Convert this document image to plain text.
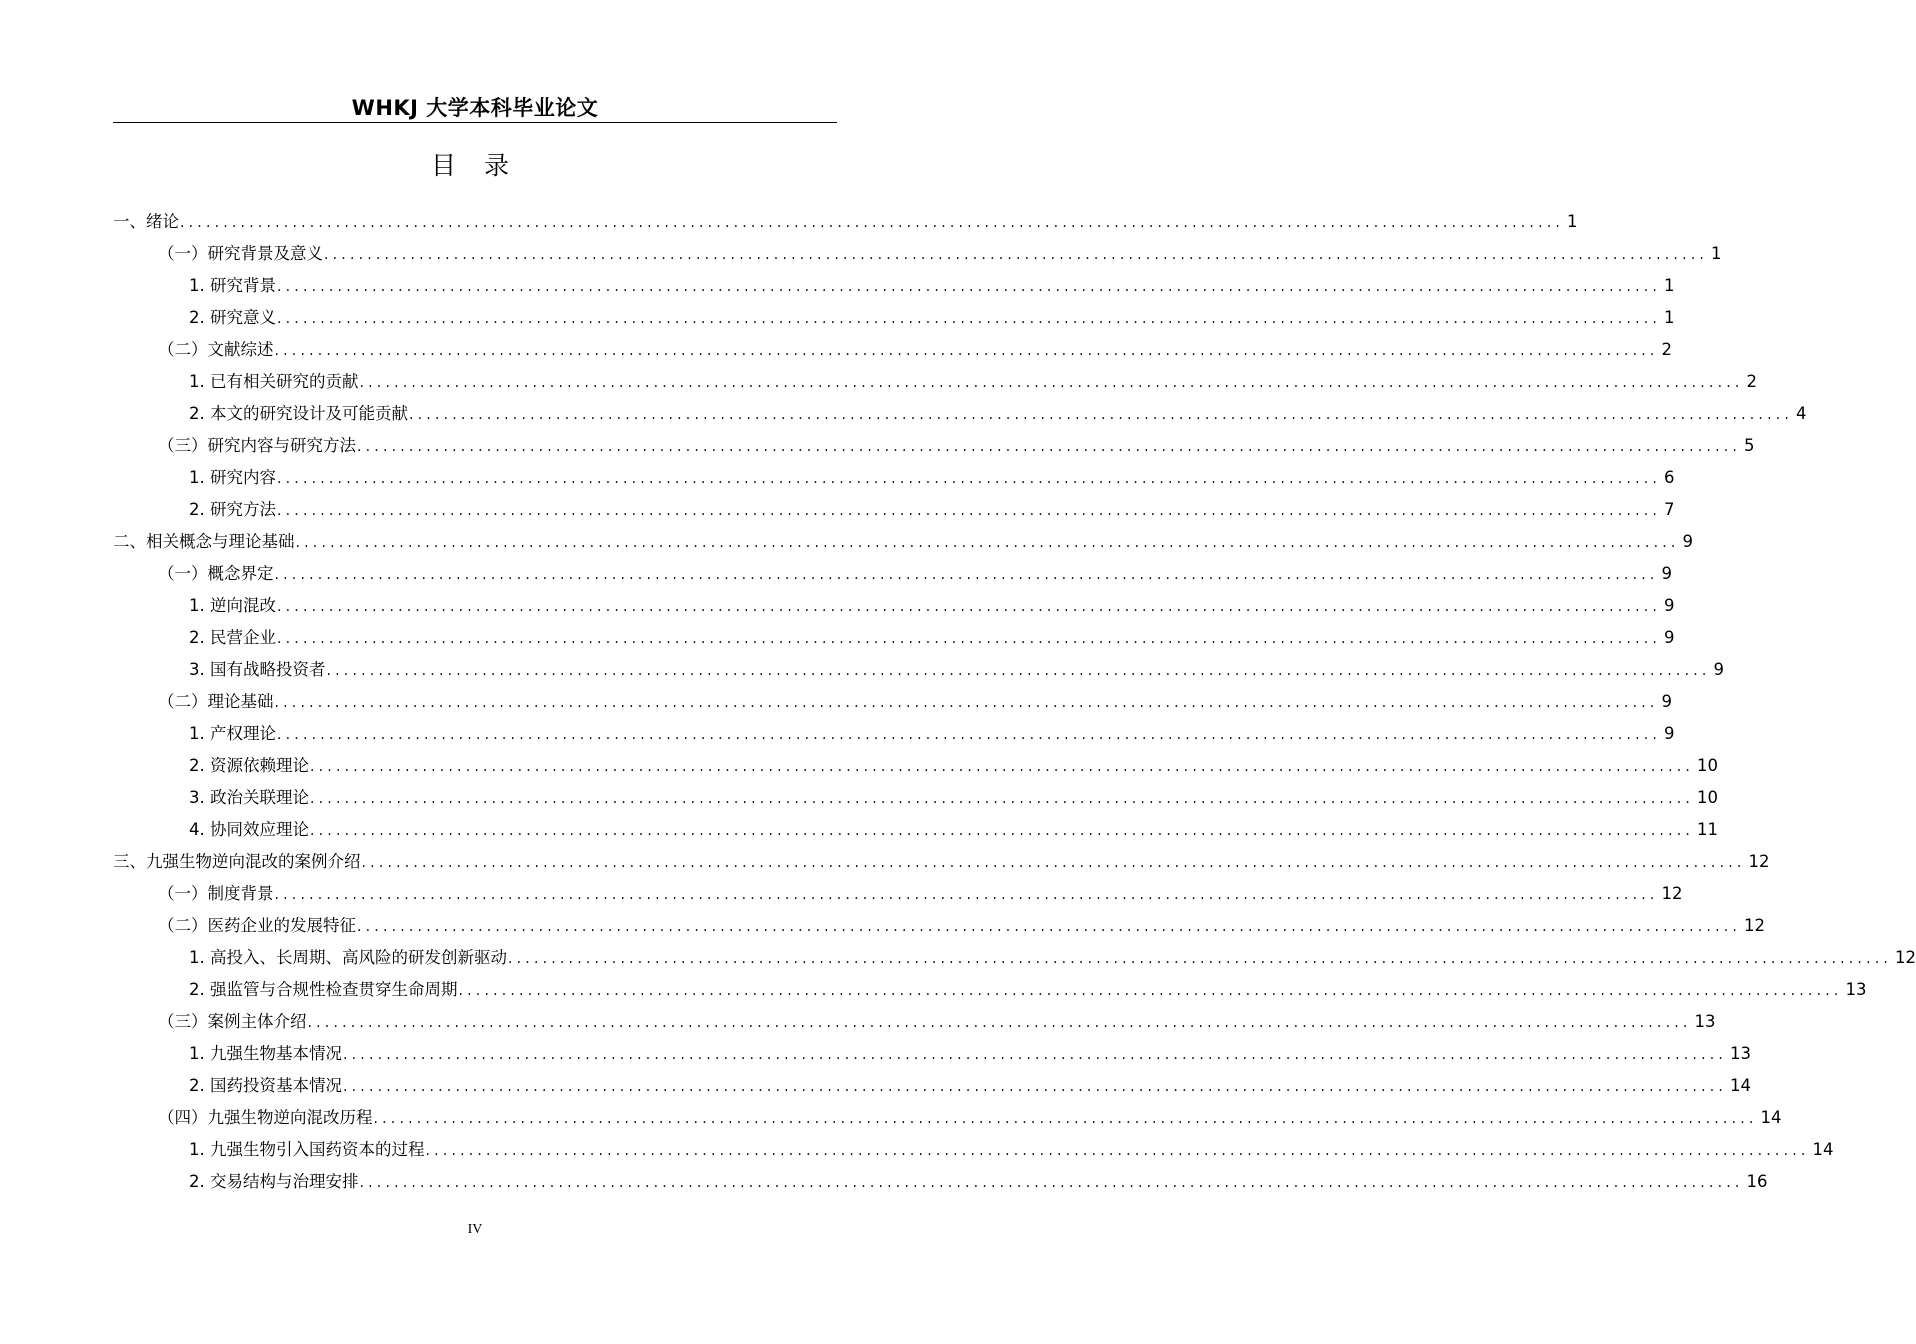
WHKJ 大学本科毕业论文
目 录
一、绪论 ................................................................................................................................................................ 1
（一）研究背景及意义 ................................................................................................................................................................ 1
1. 研究背景 ................................................................................................................................................................ 1
2. 研究意义 ................................................................................................................................................................ 1
（二）文献综述 ................................................................................................................................................................ 2
1. 已有相关研究的贡献 ................................................................................................................................................................ 2
2. 本文的研究设计及可能贡献 ................................................................................................................................................................ 4
（三）研究内容与研究方法 ................................................................................................................................................................ 5
1. 研究内容 ................................................................................................................................................................ 6
2. 研究方法 ................................................................................................................................................................ 7
二、相关概念与理论基础 ................................................................................................................................................................ 9
（一）概念界定 ................................................................................................................................................................ 9
1. 逆向混改 ................................................................................................................................................................ 9
2. 民营企业 ................................................................................................................................................................ 9
3. 国有战略投资者 ................................................................................................................................................................ 9
（二）理论基础 ................................................................................................................................................................ 9
1. 产权理论 ................................................................................................................................................................ 9
2. 资源依赖理论 ................................................................................................................................................................ 10
3. 政治关联理论 ................................................................................................................................................................ 10
4. 协同效应理论 ................................................................................................................................................................ 11
三、九强生物逆向混改的案例介绍 ................................................................................................................................................................ 12
（一）制度背景 ................................................................................................................................................................ 12
（二）医药企业的发展特征 ................................................................................................................................................................ 12
1. 高投入、长周期、高风险的研发创新驱动 ................................................................................................................................................................ 12
2. 强监管与合规性检查贯穿生命周期 ................................................................................................................................................................ 13
（三）案例主体介绍 ................................................................................................................................................................ 13
1. 九强生物基本情况 ................................................................................................................................................................ 13
2. 国药投资基本情况 ................................................................................................................................................................ 14
（四）九强生物逆向混改历程 ................................................................................................................................................................ 14
1. 九强生物引入国药资本的过程 ................................................................................................................................................................ 14
2. 交易结构与治理安排 ................................................................................................................................................................ 16
IV
